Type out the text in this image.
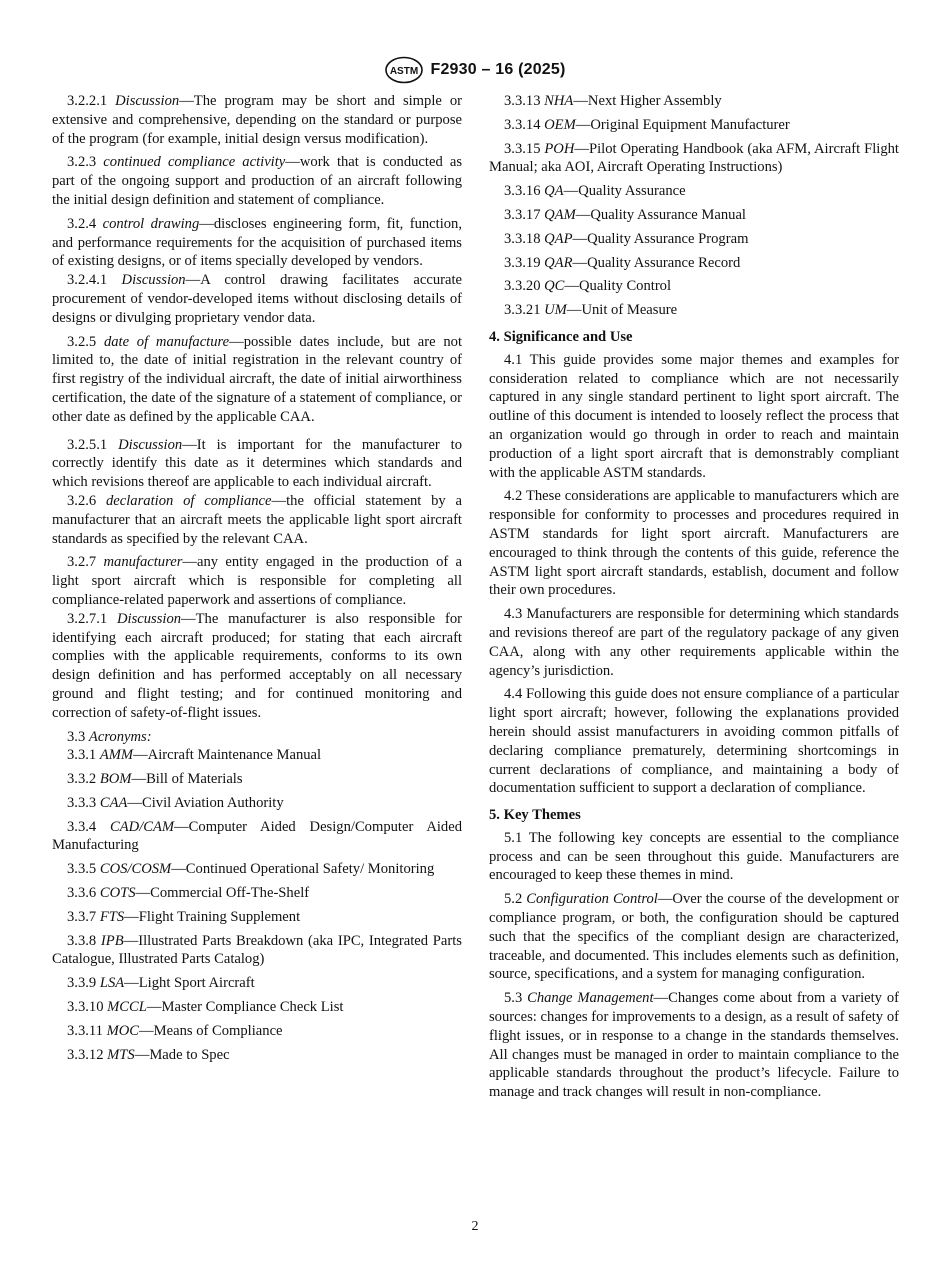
ASTM F2930 – 16 (2025)

3.2.2.1 Discussion—The program may be short and simple or extensive and comprehensive, depending on the standard or purpose of the program (for example, initial design versus modification).

3.2.3 continued compliance activity—work that is conducted as part of the ongoing support and production of an aircraft following the initial design definition and statement of compliance.

3.2.4 control drawing—discloses engineering form, fit, function, and performance requirements for the acquisition of purchased items of existing designs, or of items specially developed by vendors.

3.2.4.1 Discussion—A control drawing facilitates accurate procurement of vendor-developed items without disclosing details of designs or divulging proprietary vendor data.

3.2.5 date of manufacture—possible dates include, but are not limited to, the date of initial registration in the relevant country of first registry of the individual aircraft, the date of initial airworthiness certification, the date of the signature of a statement of compliance, or other date as defined by the applicable CAA.

3.2.5.1 Discussion—It is important for the manufacturer to correctly identify this date as it determines which standards and which revisions thereof are applicable to each individual aircraft.

3.2.6 declaration of compliance—the official statement by a manufacturer that an aircraft meets the applicable light sport aircraft standards as specified by the relevant CAA.

3.2.7 manufacturer—any entity engaged in the production of a light sport aircraft which is responsible for completing all compliance-related paperwork and assertions of compliance.

3.2.7.1 Discussion—The manufacturer is also responsible for identifying each aircraft produced; for stating that each aircraft complies with the applicable requirements, conforms to its own design definition and has performed acceptably on all necessary ground and flight testing; and for continued monitoring and correction of safety-of-flight issues.

3.3 Acronyms:

3.3.1 AMM—Aircraft Maintenance Manual

3.3.2 BOM—Bill of Materials

3.3.3 CAA—Civil Aviation Authority

3.3.4 CAD/CAM—Computer Aided Design/Computer Aided Manufacturing

3.3.5 COS/COSM—Continued Operational Safety/ Monitoring

3.3.6 COTS—Commercial Off-The-Shelf

3.3.7 FTS—Flight Training Supplement

3.3.8 IPB—Illustrated Parts Breakdown (aka IPC, Integrated Parts Catalogue, Illustrated Parts Catalog)

3.3.9 LSA—Light Sport Aircraft

3.3.10 MCCL—Master Compliance Check List

3.3.11 MOC—Means of Compliance

3.3.12 MTS—Made to Spec

3.3.13 NHA—Next Higher Assembly

3.3.14 OEM—Original Equipment Manufacturer

3.3.15 POH—Pilot Operating Handbook (aka AFM, Aircraft Flight Manual; aka AOI, Aircraft Operating Instructions)

3.3.16 QA—Quality Assurance

3.3.17 QAM—Quality Assurance Manual

3.3.18 QAP—Quality Assurance Program

3.3.19 QAR—Quality Assurance Record

3.3.20 QC—Quality Control

3.3.21 UM—Unit of Measure

4. Significance and Use

4.1 This guide provides some major themes and examples for consideration related to compliance which are not necessarily captured in any single standard pertinent to light sport aircraft. The outline of this document is intended to loosely reflect the process that an organization would go through in order to reach and maintain production of a light sport aircraft that is demonstrably compliant with the applicable ASTM standards.

4.2 These considerations are applicable to manufacturers which are responsible for conformity to processes and procedures required in ASTM standards for light sport aircraft. Manufacturers are encouraged to think through the contents of this guide, reference the ASTM light sport aircraft standards, establish, document and follow their own procedures.

4.3 Manufacturers are responsible for determining which standards and revisions thereof are part of the regulatory package of any given CAA, along with any other requirements applicable within the agency’s jurisdiction.

4.4 Following this guide does not ensure compliance of a particular light sport aircraft; however, following the explanations provided herein should assist manufacturers in avoiding common pitfalls of declaring compliance prematurely, determining shortcomings in current declarations of compliance, and maintaining a body of documentation sufficient to support a declaration of compliance.

5. Key Themes

5.1 The following key concepts are essential to the compliance process and can be seen throughout this guide. Manufacturers are encouraged to keep these themes in mind.

5.2 Configuration Control—Over the course of the development or compliance program, or both, the configuration should be captured such that the specifics of the compliant design are characterized, traceable, and documented. This includes elements such as definition, source, specifications, and a system for managing configuration.

5.3 Change Management—Changes come about from a variety of sources: changes for improvements to a design, as a result of safety of flight issues, or in response to a change in the standards themselves. All changes must be managed in order to maintain compliance to the applicable standards throughout the product’s lifecycle. Failure to manage and track changes will result in non-compliance.

2
